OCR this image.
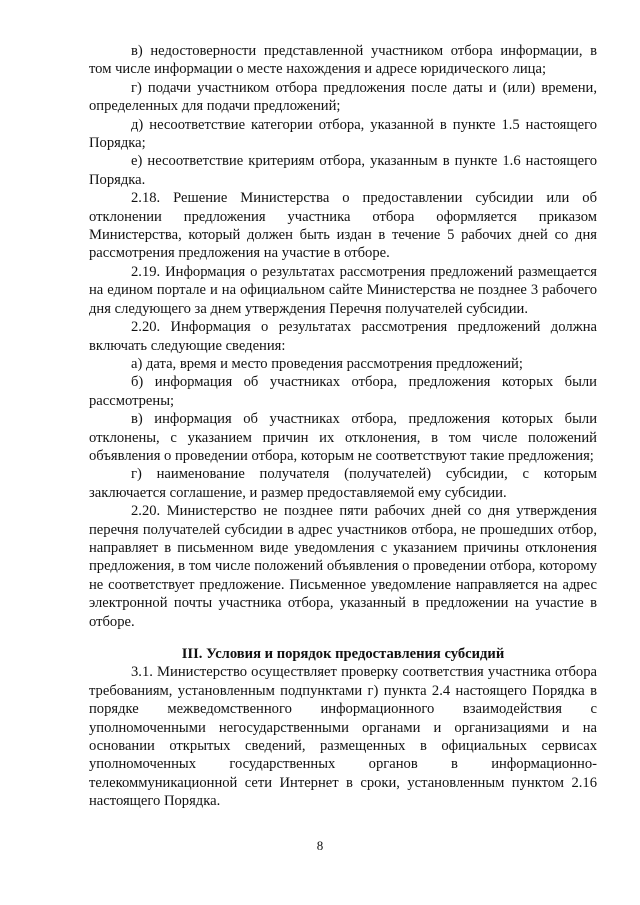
в) недостоверности представленной участником отбора информации, в том числе информации о месте нахождения и адресе юридического лица;

г) подачи участником отбора предложения после даты и (или) времени, определенных для подачи предложений;

д) несоответствие категории отбора, указанной в пункте 1.5 настоящего Порядка;

е) несоответствие критериям отбора, указанным в пункте 1.6 настоящего Порядка.

2.18. Решение Министерства о предоставлении субсидии или об отклонении предложения участника отбора оформляется приказом Министерства, который должен быть издан в течение 5 рабочих дней со дня рассмотрения предложения на участие в отборе.

2.19. Информация о результатах рассмотрения предложений размещается на едином портале и на официальном сайте Министерства не позднее 3 рабочего дня следующего за днем утверждения Перечня получателей субсидии.

2.20. Информация о результатах рассмотрения предложений должна включать следующие сведения:

а) дата, время и место проведения рассмотрения предложений;

б) информация об участниках отбора, предложения которых были рассмотрены;

в) информация об участниках отбора, предложения которых были отклонены, с указанием причин их отклонения, в том числе положений объявления о проведении отбора, которым не соответствуют такие предложения;

г) наименование получателя (получателей) субсидии, с которым заключается соглашение, и размер предоставляемой ему субсидии.

2.20. Министерство не позднее пяти рабочих дней со дня утверждения перечня получателей субсидии в адрес участников отбора, не прошедших отбор, направляет в письменном виде уведомления с указанием причины отклонения предложения, в том числе положений объявления о проведении отбора, которому не соответствует предложение. Письменное уведомление направляется на адрес электронной почты участника отбора, указанный в предложении на участие в отборе.

III. Условия и порядок предоставления субсидий

3.1. Министерство осуществляет проверку соответствия участника отбора требованиям, установленным подпунктами г) пункта 2.4 настоящего Порядка в порядке межведомственного информационного взаимодействия с уполномоченными негосударственными органами и организациями и на основании открытых сведений, размещенных в официальных сервисах уполномоченных государственных органов в информационно-телекоммуникационной сети Интернет в сроки, установленным пунктом 2.16 настоящего Порядка.

8
